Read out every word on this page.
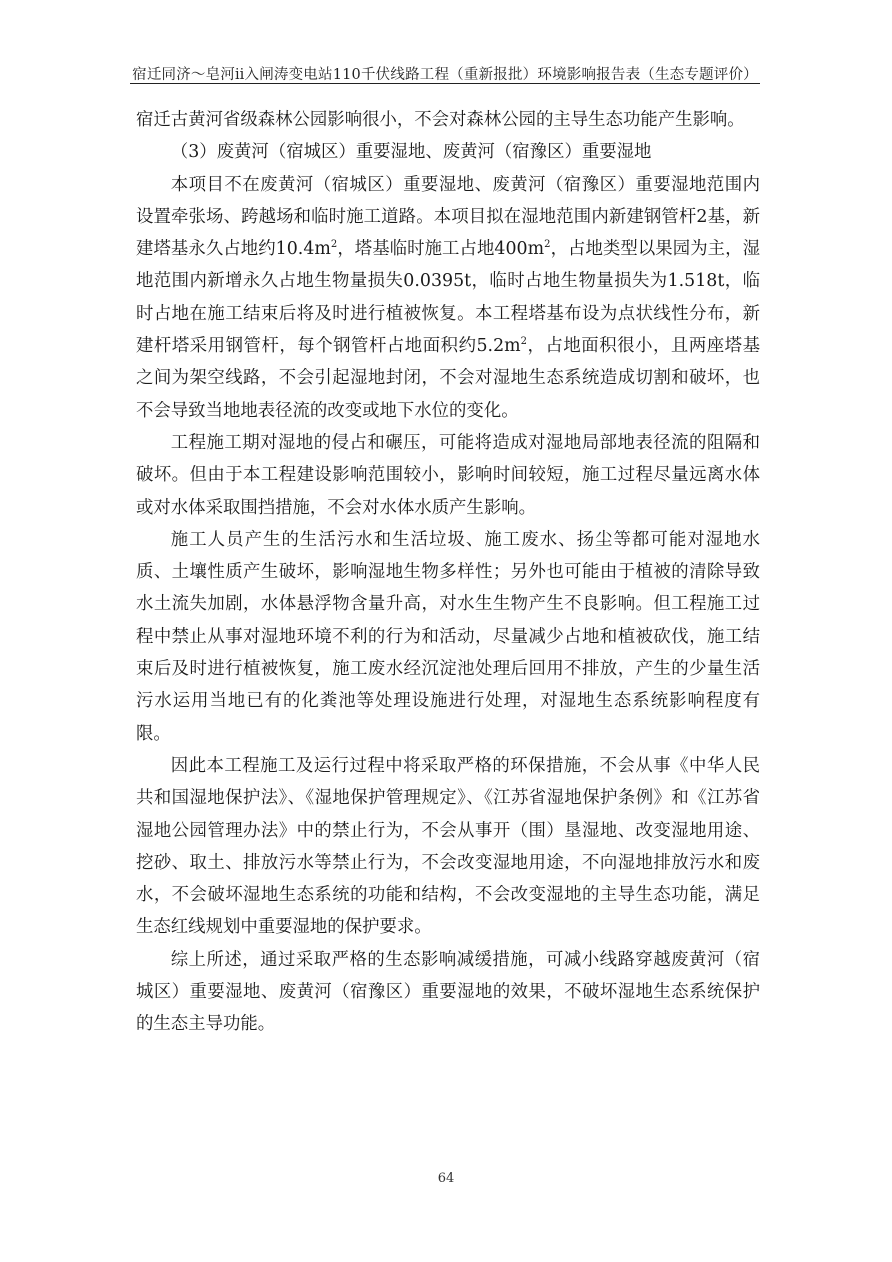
宿迁同济～皂河ⅱ入闸涛变电站110千伏线路工程（重新报批）环境影响报告表（生态专题评价）

宿迁古黄河省级森林公园影响很小，不会对森林公园的主导生态功能产生影响。

（3）废黄河（宿城区）重要湿地、废黄河（宿豫区）重要湿地

本项目不在废黄河（宿城区）重要湿地、废黄河（宿豫区）重要湿地范围内设置牵张场、跨越场和临时施工道路。本项目拟在湿地范围内新建钢管杆2基，新建塔基永久占地约$10.4m^2$，塔基临时施工占地$400m^2$，占地类型以果园为主，湿地范围内新增永久占地生物量损失0.0395t，临时占地生物量损失为1.518t，临时占地在施工结束后将及时进行植被恢复。本工程塔基布设为点状线性分布，新建杆塔采用钢管杆，每个钢管杆占地面积约$5.2m^2$，占地面积很小，且两座塔基之间为架空线路，不会引起湿地封闭，不会对湿地生态系统造成切割和破坏，也不会导致当地地表径流的改变或地下水位的变化。

工程施工期对湿地的侵占和碾压，可能将造成对湿地局部地表径流的阻隔和破坏。但由于本工程建设影响范围较小，影响时间较短，施工过程尽量远离水体或对水体采取围挡措施，不会对水体水质产生影响。

施工人员产生的生活污水和生活垃圾、施工废水、扬尘等都可能对湿地水质、土壤性质产生破坏，影响湿地生物多样性；另外也可能由于植被的清除导致水土流失加剧，水体悬浮物含量升高，对水生生物产生不良影响。但工程施工过程中禁止从事对湿地环境不利的行为和活动，尽量减少占地和植被砍伐，施工结束后及时进行植被恢复，施工废水经沉淀池处理后回用不排放，产生的少量生活污水运用当地已有的化粪池等处理设施进行处理，对湿地生态系统影响程度有限。

因此本工程施工及运行过程中将采取严格的环保措施，不会从事《中华人民共和国湿地保护法》、《湿地保护管理规定》、《江苏省湿地保护条例》和《江苏省湿地公园管理办法》中的禁止行为，不会从事开（围）垦湿地、改变湿地用途、挖砂、取土、排放污水等禁止行为，不会改变湿地用途，不向湿地排放污水和废水，不会破坏湿地生态系统的功能和结构，不会改变湿地的主导生态功能，满足生态红线规划中重要湿地的保护要求。

综上所述，通过采取严格的生态影响减缓措施，可减小线路穿越废黄河（宿城区）重要湿地、废黄河（宿豫区）重要湿地的效果，不破坏湿地生态系统保护的生态主导功能。

64
